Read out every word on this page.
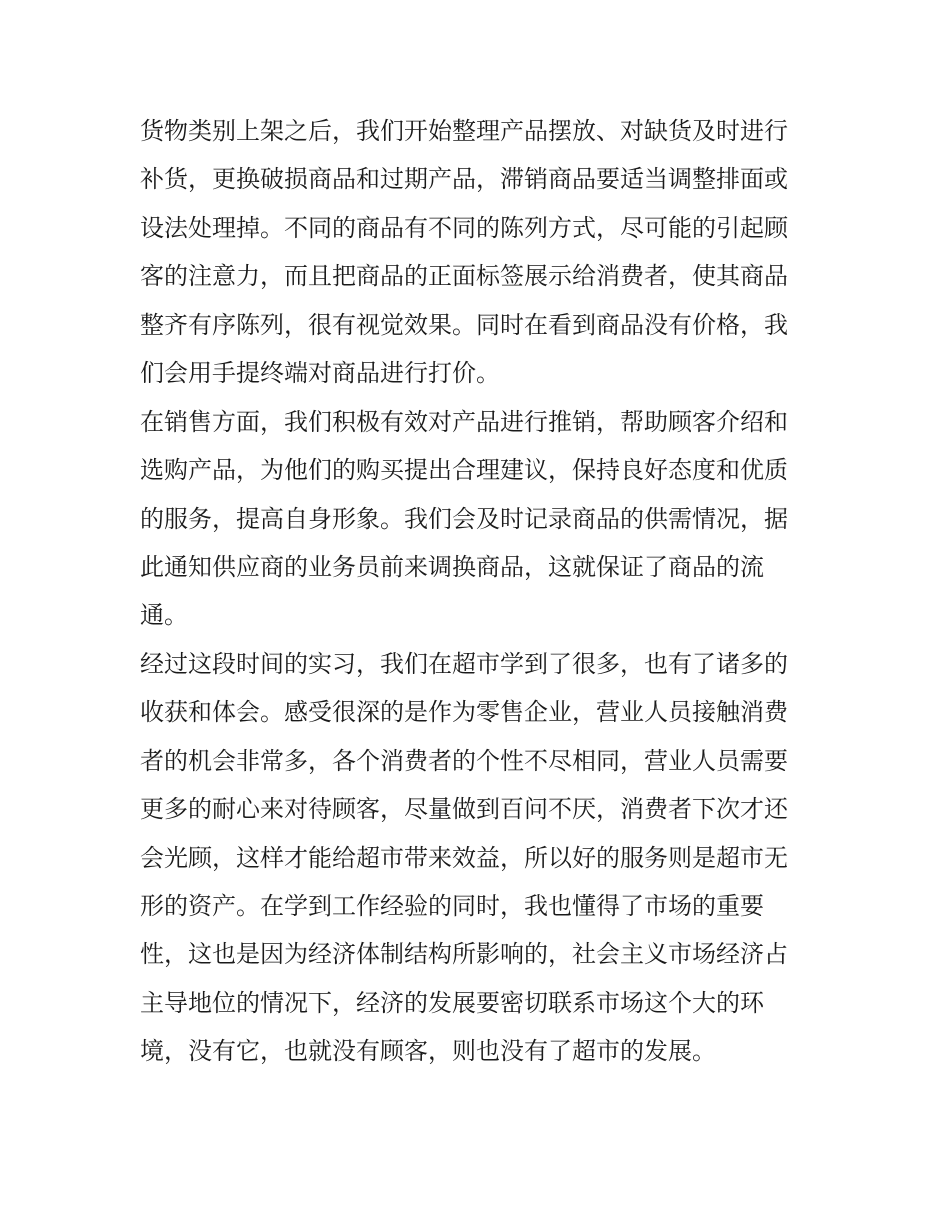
货物类别上架之后，我们开始整理产品摆放、对缺货及时进行
补货，更换破损商品和过期产品，滞销商品要适当调整排面或
设法处理掉。不同的商品有不同的陈列方式，尽可能的引起顾
客的注意力，而且把商品的正面标签展示给消费者，使其商品
整齐有序陈列，很有视觉效果。同时在看到商品没有价格，我
们会用手提终端对商品进行打价。
在销售方面，我们积极有效对产品进行推销，帮助顾客介绍和
选购产品，为他们的购买提出合理建议，保持良好态度和优质
的服务，提高自身形象。我们会及时记录商品的供需情况，据
此通知供应商的业务员前来调换商品，这就保证了商品的流
通。
经过这段时间的实习，我们在超市学到了很多，也有了诸多的
收获和体会。感受很深的是作为零售企业，营业人员接触消费
者的机会非常多，各个消费者的个性不尽相同，营业人员需要
更多的耐心来对待顾客，尽量做到百问不厌，消费者下次才还
会光顾，这样才能给超市带来效益，所以好的服务则是超市无
形的资产。在学到工作经验的同时，我也懂得了市场的重要
性，这也是因为经济体制结构所影响的，社会主义市场经济占
主导地位的情况下，经济的发展要密切联系市场这个大的环
境，没有它，也就没有顾客，则也没有了超市的发展。
